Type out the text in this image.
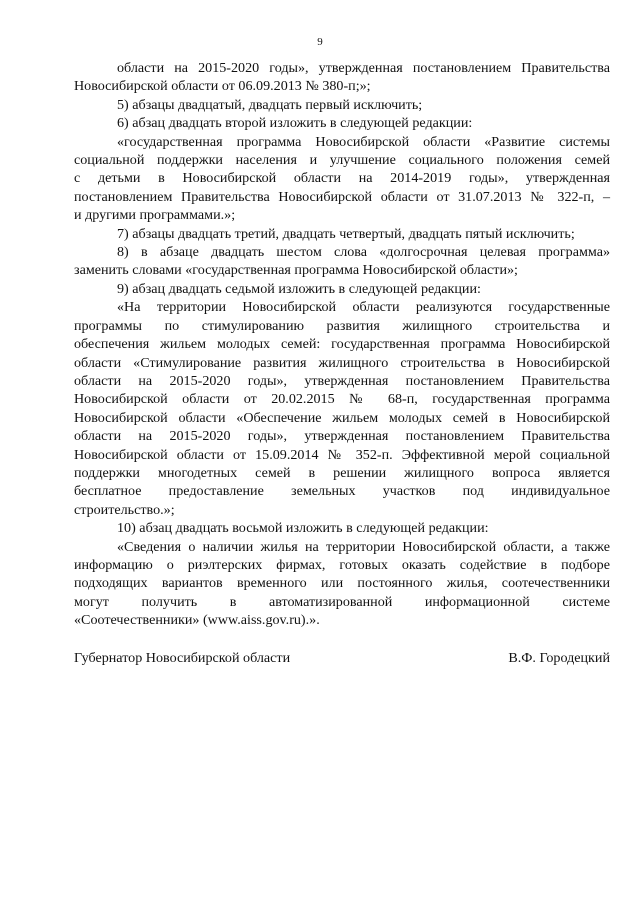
9
области на 2015-2020 годы», утвержденная постановлением Правительства
Новосибирской области от 06.09.2013 № 380-п;»;
5) абзацы двадцатый, двадцать первый исключить;
6) абзац двадцать второй изложить в следующей редакции:
«государственная программа Новосибирской области «Развитие системы
социальной поддержки населения и улучшение социального положения семей
с детьми в Новосибирской области на 2014-2019 годы», утвержденная
постановлением Правительства Новосибирской области от 31.07.2013 № 322-п, –
и другими программами.»;
7) абзацы двадцать третий, двадцать четвертый, двадцать пятый исключить;
8) в абзаце двадцать шестом слова «долгосрочная целевая программа»
заменить словами «государственная программа Новосибирской области»;
9) абзац двадцать седьмой изложить в следующей редакции:
«На территории Новосибирской области реализуются государственные
программы по стимулированию развития жилищного строительства и
обеспечения жильем молодых семей: государственная программа Новосибирской
области «Стимулирование развития жилищного строительства в Новосибирской
области на 2015-2020 годы», утвержденная постановлением Правительства
Новосибирской области от 20.02.2015 № 68-п, государственная программа
Новосибирской области «Обеспечение жильем молодых семей в Новосибирской
области на 2015-2020 годы», утвержденная постановлением Правительства
Новосибирской области от 15.09.2014 № 352-п. Эффективной мерой социальной
поддержки многодетных семей в решении жилищного вопроса является
бесплатное предоставление земельных участков под индивидуальное
строительство.»;
10) абзац двадцать восьмой изложить в следующей редакции:
«Сведения о наличии жилья на территории Новосибирской области, а также
информацию о риэлтерских фирмах, готовых оказать содействие в подборе
подходящих вариантов временного или постоянного жилья, соотечественники
могут получить в автоматизированной информационной системе
«Соотечественники» (www.aiss.gov.ru).».
Губернатор Новосибирской области	В.Ф. Городецкий
